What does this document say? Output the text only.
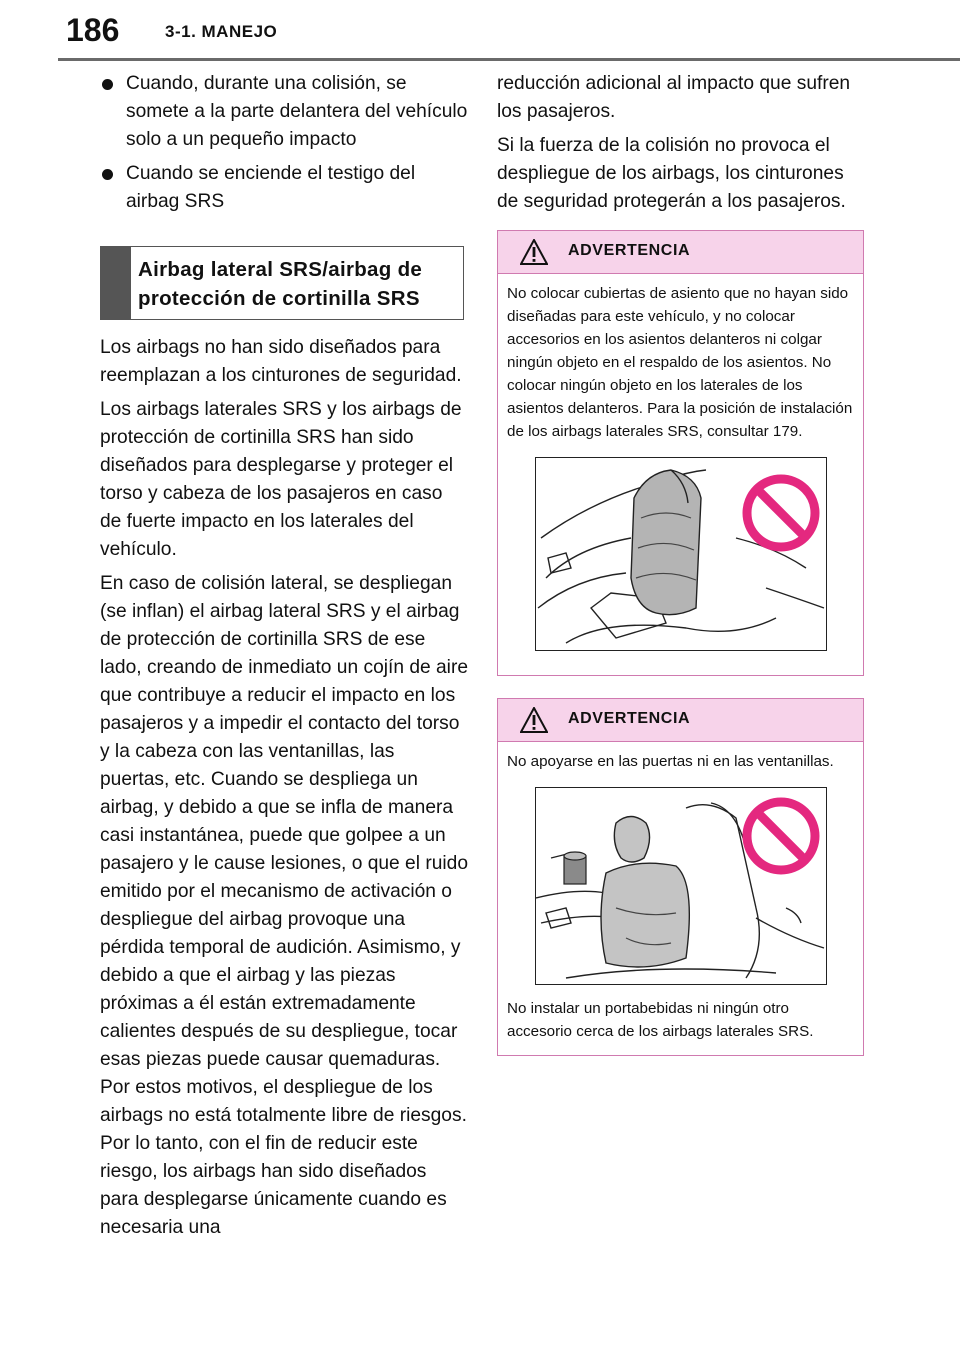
186	3-1. MANEJO
Cuando, durante una colisión, se somete a la parte delantera del vehículo solo a un pequeño impacto
Cuando se enciende el testigo del airbag SRS
Airbag lateral SRS/airbag de protección de cortinilla SRS

Los airbags no han sido diseñados para reemplazan a los cinturones de seguridad.

Los airbags laterales SRS y los airbags de protección de cortinilla SRS han sido diseñados para desplegarse y proteger el torso y cabeza de los pasajeros en caso de fuerte impacto en los laterales del vehículo.

En caso de colisión lateral, se despliegan (se inflan) el airbag lateral SRS y el airbag de protección de cortinilla SRS de ese lado, creando de inmediato un cojín de aire que contribuye a reducir el impacto en los pasajeros y a impedir el contacto del torso y la cabeza con las ventanillas, las puertas, etc. Cuando se despliega un airbag, y debido a que se infla de manera casi instantánea, puede que golpee a un pasajero y le cause lesiones, o que el ruido emitido por el mecanismo de activación o despliegue del airbag provoque una pérdida temporal de audición. Asimismo, y debido a que el airbag y las piezas próximas a él están extremadamente calientes después de su despliegue, tocar esas piezas puede causar quemaduras. Por estos motivos, el despliegue de los airbags no está totalmente libre de riesgos. Por lo tanto, con el fin de reducir este riesgo, los airbags han sido diseñados para desplegarse únicamente cuando es necesaria una

reducción adicional al impacto que sufren los pasajeros.

Si la fuerza de la colisión no provoca el despliegue de los airbags, los cinturones de seguridad protegerán a los pasajeros.

ADVERTENCIA

No colocar cubiertas de asiento que no hayan sido diseñadas para este vehículo, y no colocar accesorios en los asientos delanteros ni colgar ningún objeto en el respaldo de los asientos. No colocar ningún objeto en los laterales de los asientos delanteros. Para la posición de instalación de los airbags laterales SRS, consultar 179.

ADVERTENCIA

No apoyarse en las puertas ni en las ventanillas.

No instalar un portabebidas ni ningún otro accesorio cerca de los airbags laterales SRS.
